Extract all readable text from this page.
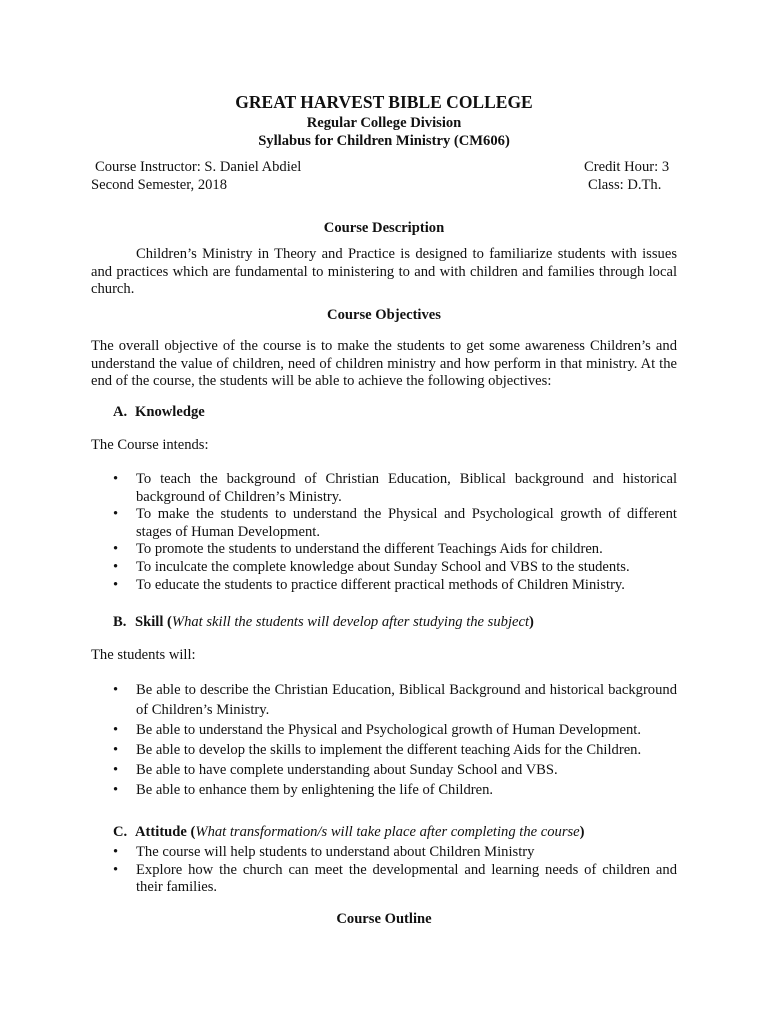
GREAT HARVEST BIBLE COLLEGE
Regular College Division
Syllabus for Children Ministry (CM606)
Course Instructor: S. Daniel Abdiel	Credit Hour: 3
Second Semester, 2018	Class: D.Th.
Course Description
Children’s Ministry in Theory and Practice is designed to familiarize students with issues and practices which are fundamental to ministering to and with children and families through local church.
Course Objectives
The overall objective of the course is to make the students to get some awareness Children’s and understand the value of children, need of children ministry and how perform in that ministry. At the end of the course, the students will be able to achieve the following objectives:
A. Knowledge
The Course intends:
• To teach the background of Christian Education, Biblical background and historical background of Children’s Ministry.
• To make the students to understand the Physical and Psychological growth of different stages of Human Development.
• To promote the students to understand the different Teachings Aids for children.
• To inculcate the complete knowledge about Sunday School and VBS to the students.
• To educate the students to practice different practical methods of Children Ministry.
B. Skill (What skill the students will develop after studying the subject)
The students will:
• Be able to describe the Christian Education, Biblical Background and historical background of Children’s Ministry.
• Be able to understand the Physical and Psychological growth of Human Development.
• Be able to develop the skills to implement the different teaching Aids for the Children.
• Be able to have complete understanding about Sunday School and VBS.
• Be able to enhance them by enlightening the life of Children.
C. Attitude (What transformation/s will take place after completing the course)
• The course will help students to understand about Children Ministry
• Explore how the church can meet the developmental and learning needs of children and their families.
Course Outline
